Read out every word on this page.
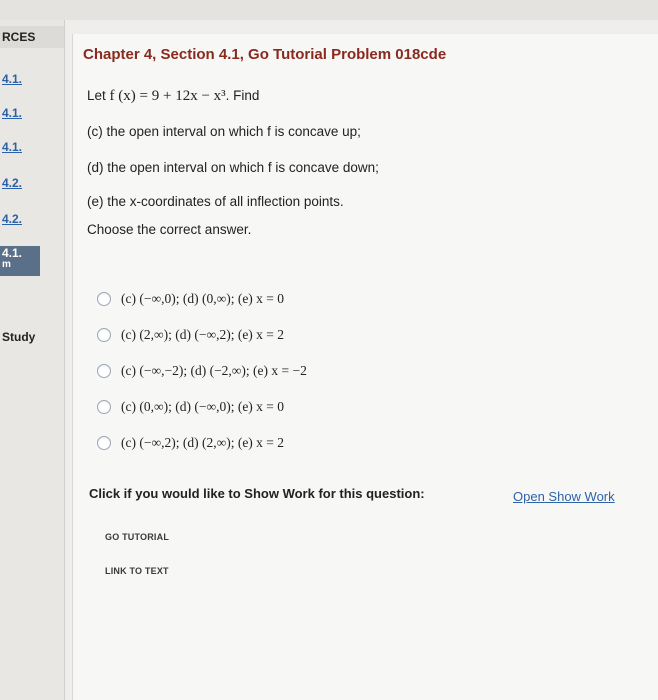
RCES
4.1.
4.1.
4.1.
4.2.
4.2.
4.1.
m
Study
Chapter 4, Section 4.1, Go Tutorial Problem 018cde
Let f (x) = 9 + 12x − x³. Find
(c) the open interval on which f is concave up;
(d) the open interval on which f is concave down;
(e) the x-coordinates of all inflection points.
Choose the correct answer.
(c) (−∞,0); (d) (0,∞); (e) x = 0
(c) (2,∞); (d) (−∞,2); (e) x = 2
(c) (−∞,−2); (d) (−2,∞); (e) x = −2
(c) (0,∞); (d) (−∞,0); (e) x = 0
(c) (−∞,2); (d) (2,∞); (e) x = 2
Click if you would like to Show Work for this question:	Open Show Work
GO TUTORIAL
LINK TO TEXT
